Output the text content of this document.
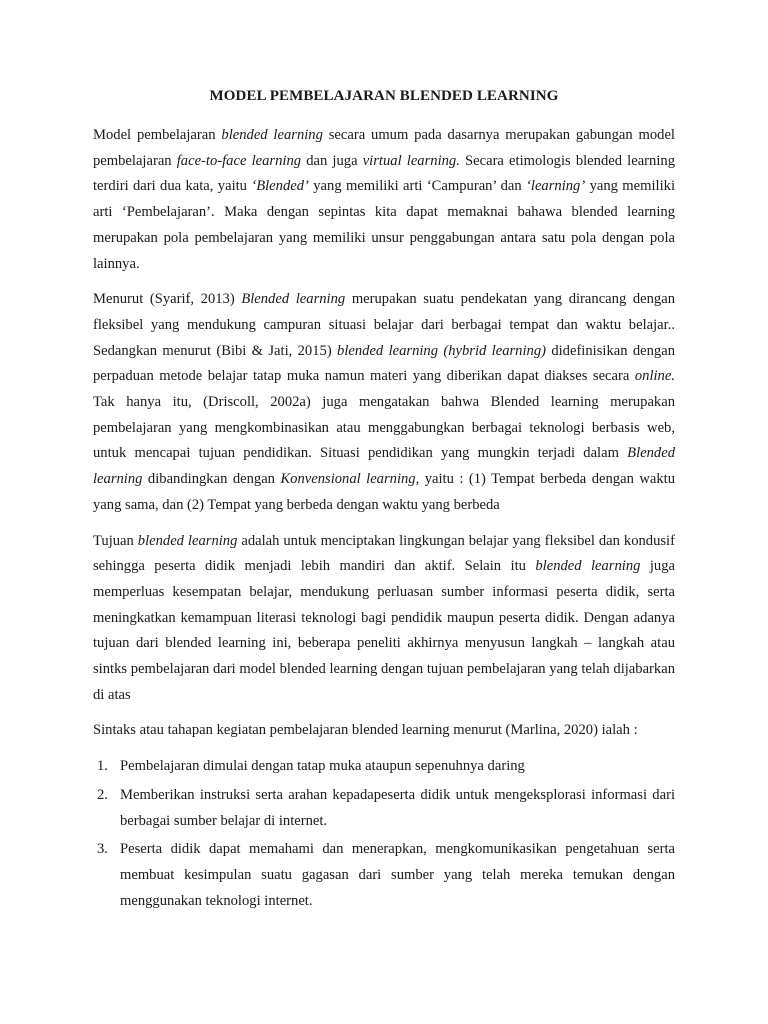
MODEL PEMBELAJARAN BLENDED LEARNING

Model pembelajaran blended learning secara umum pada dasarnya merupakan gabungan model pembelajaran face-to-face learning dan juga virtual learning. Secara etimologis blended learning terdiri dari dua kata, yaitu ‘Blended’ yang memiliki arti ‘Campuran’ dan ‘learning’ yang memiliki arti ‘Pembelajaran’. Maka dengan sepintas kita dapat memaknai bahawa blended learning merupakan pola pembelajaran yang memiliki unsur penggabungan antara satu pola dengan pola lainnya.

Menurut (Syarif, 2013) Blended learning merupakan suatu pendekatan yang dirancang dengan fleksibel yang mendukung campuran situasi belajar dari berbagai tempat dan waktu belajar.. Sedangkan menurut (Bibi & Jati, 2015) blended learning (hybrid learning) didefinisikan dengan perpaduan metode belajar tatap muka namun materi yang diberikan dapat diakses secara online. Tak hanya itu, (Driscoll, 2002a) juga mengatakan bahwa Blended learning merupakan pembelajaran yang mengkombinasikan atau menggabungkan berbagai teknologi berbasis web, untuk mencapai tujuan pendidikan. Situasi pendidikan yang mungkin terjadi dalam Blended learning dibandingkan dengan Konvensional learning, yaitu : (1) Tempat berbeda dengan waktu yang sama, dan (2) Tempat yang berbeda dengan waktu yang berbeda

Tujuan blended learning adalah untuk menciptakan lingkungan belajar yang fleksibel dan kondusif sehingga peserta didik menjadi lebih mandiri dan aktif. Selain itu blended learning juga memperluas kesempatan belajar, mendukung perluasan sumber informasi peserta didik, serta meningkatkan kemampuan literasi teknologi bagi pendidik maupun peserta didik. Dengan adanya tujuan dari blended learning ini, beberapa peneliti akhirnya menyusun langkah – langkah atau sintks pembelajaran dari model blended learning dengan tujuan pembelajaran yang telah dijabarkan di atas

Sintaks atau tahapan kegiatan pembelajaran blended learning menurut (Marlina, 2020) ialah :

1. Pembelajaran dimulai dengan tatap muka ataupun sepenuhnya daring
2. Memberikan instruksi serta arahan kepadapeserta didik untuk mengeksplorasi informasi dari berbagai sumber belajar di internet.
3. Peserta didik dapat memahami dan menerapkan, mengkomunikasikan pengetahuan serta membuat kesimpulan suatu gagasan dari sumber yang telah mereka temukan dengan menggunakan teknologi internet.
